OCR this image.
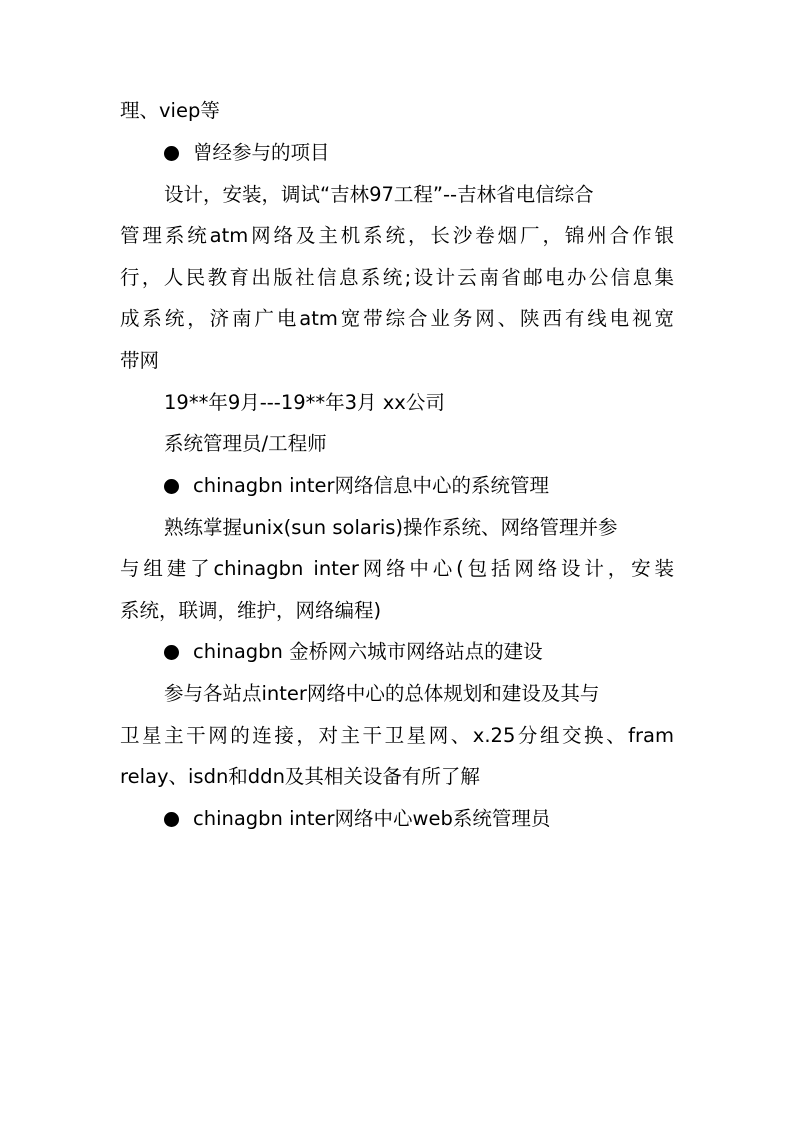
理、viep等
曾经参与的项目
设计，安装，调试“吉林97工程”--吉林省电信综合
管理系统atm网络及主机系统，长沙卷烟厂，锦州合作银
行，人民教育出版社信息系统;设计云南省邮电办公信息集
成系统，济南广电atm宽带综合业务网、陕西有线电视宽
带网
19**年9月---19**年3月 xx公司
系统管理员/工程师
chinagbn inter网络信息中心的系统管理
熟练掌握unix(sun solaris)操作系统、网络管理并参
与组建了chinagbn inter网络中心(包括网络设计，安装
系统，联调，维护，网络编程)
chinagbn 金桥网六城市网络站点的建设
参与各站点inter网络中心的总体规划和建设及其与
卫星主干网的连接，对主干卫星网、x.25分组交换、fram
relay、isdn和ddn及其相关设备有所了解
chinagbn inter网络中心web系统管理员
